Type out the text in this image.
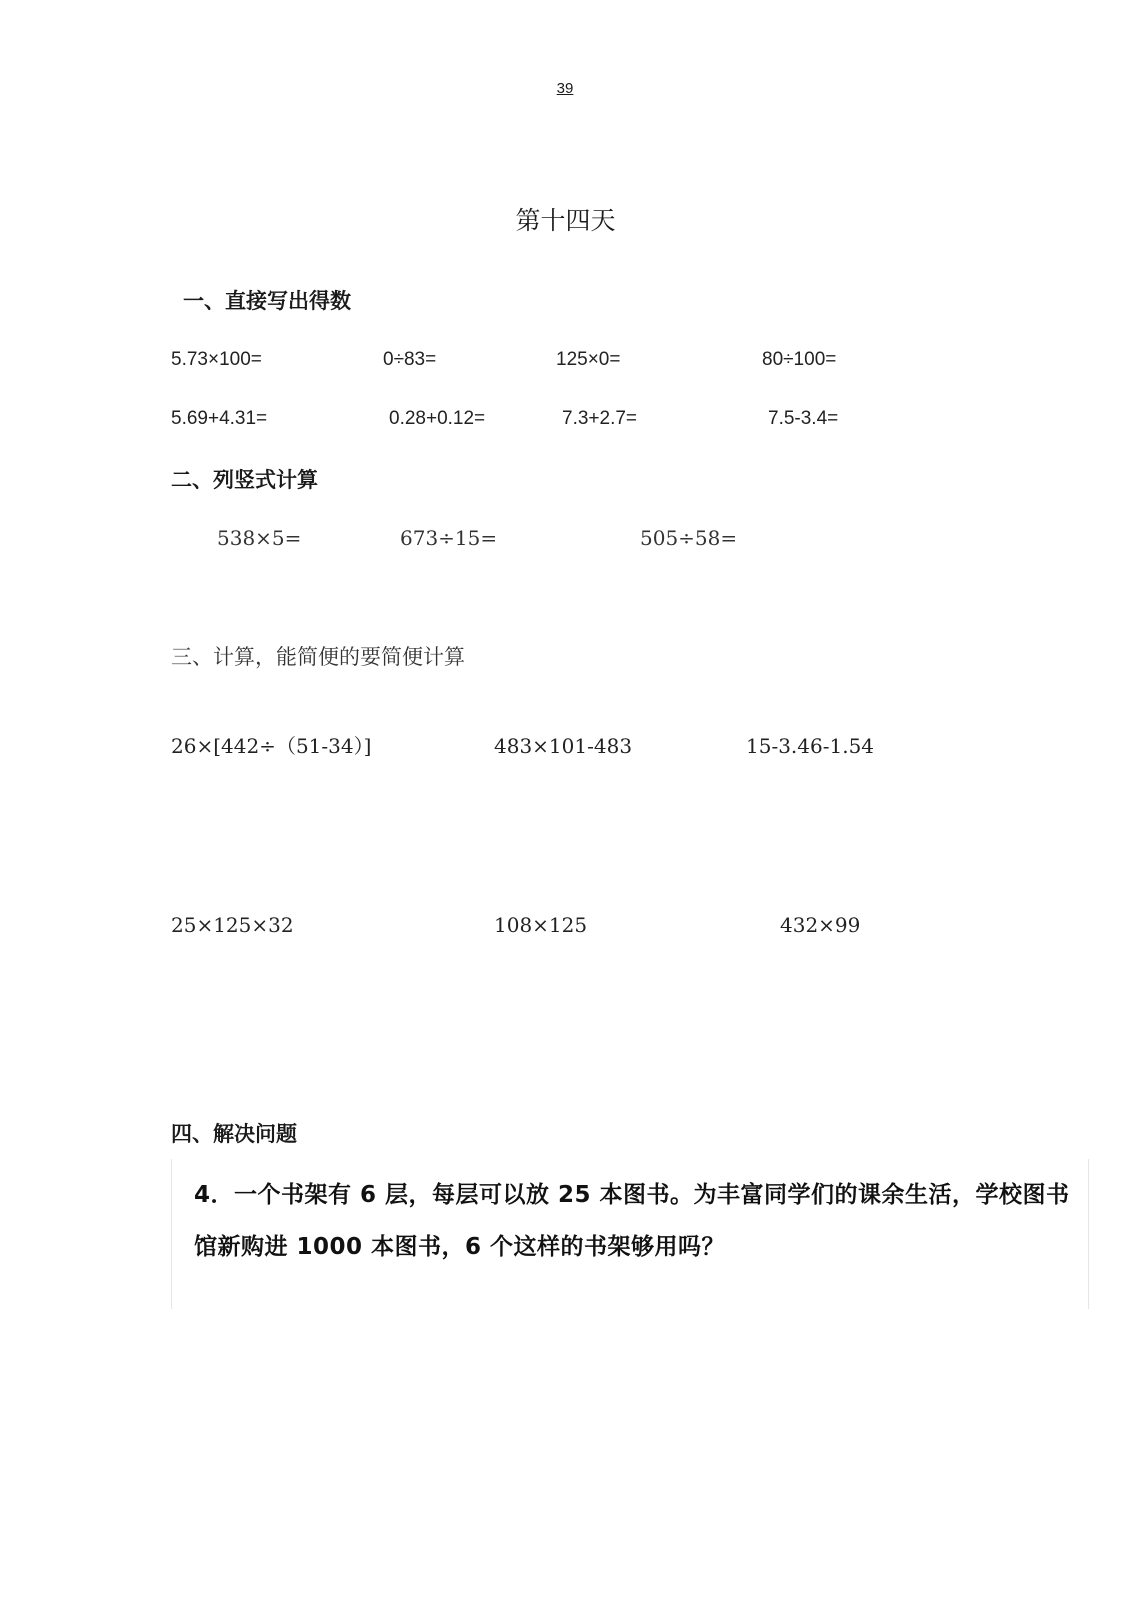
39
第十四天
一、直接写出得数
5.73×100=	0÷83=	125×0=	80÷100=
5.69+4.31=	0.28+0.12=	7.3+2.7=	7.5-3.4=
二、列竖式计算
538×5=	673÷15=	505÷58=
三、计算，能简便的要简便计算
26×[442÷（51-34）]	483×101-483	15-3.46-1.54
25×125×32	108×125	432×99
四、解决问题
4．一个书架有 6 层，每层可以放 25 本图书。为丰富同学们的课余生活，学校图书馆新购进 1000 本图书，6 个这样的书架够用吗？
